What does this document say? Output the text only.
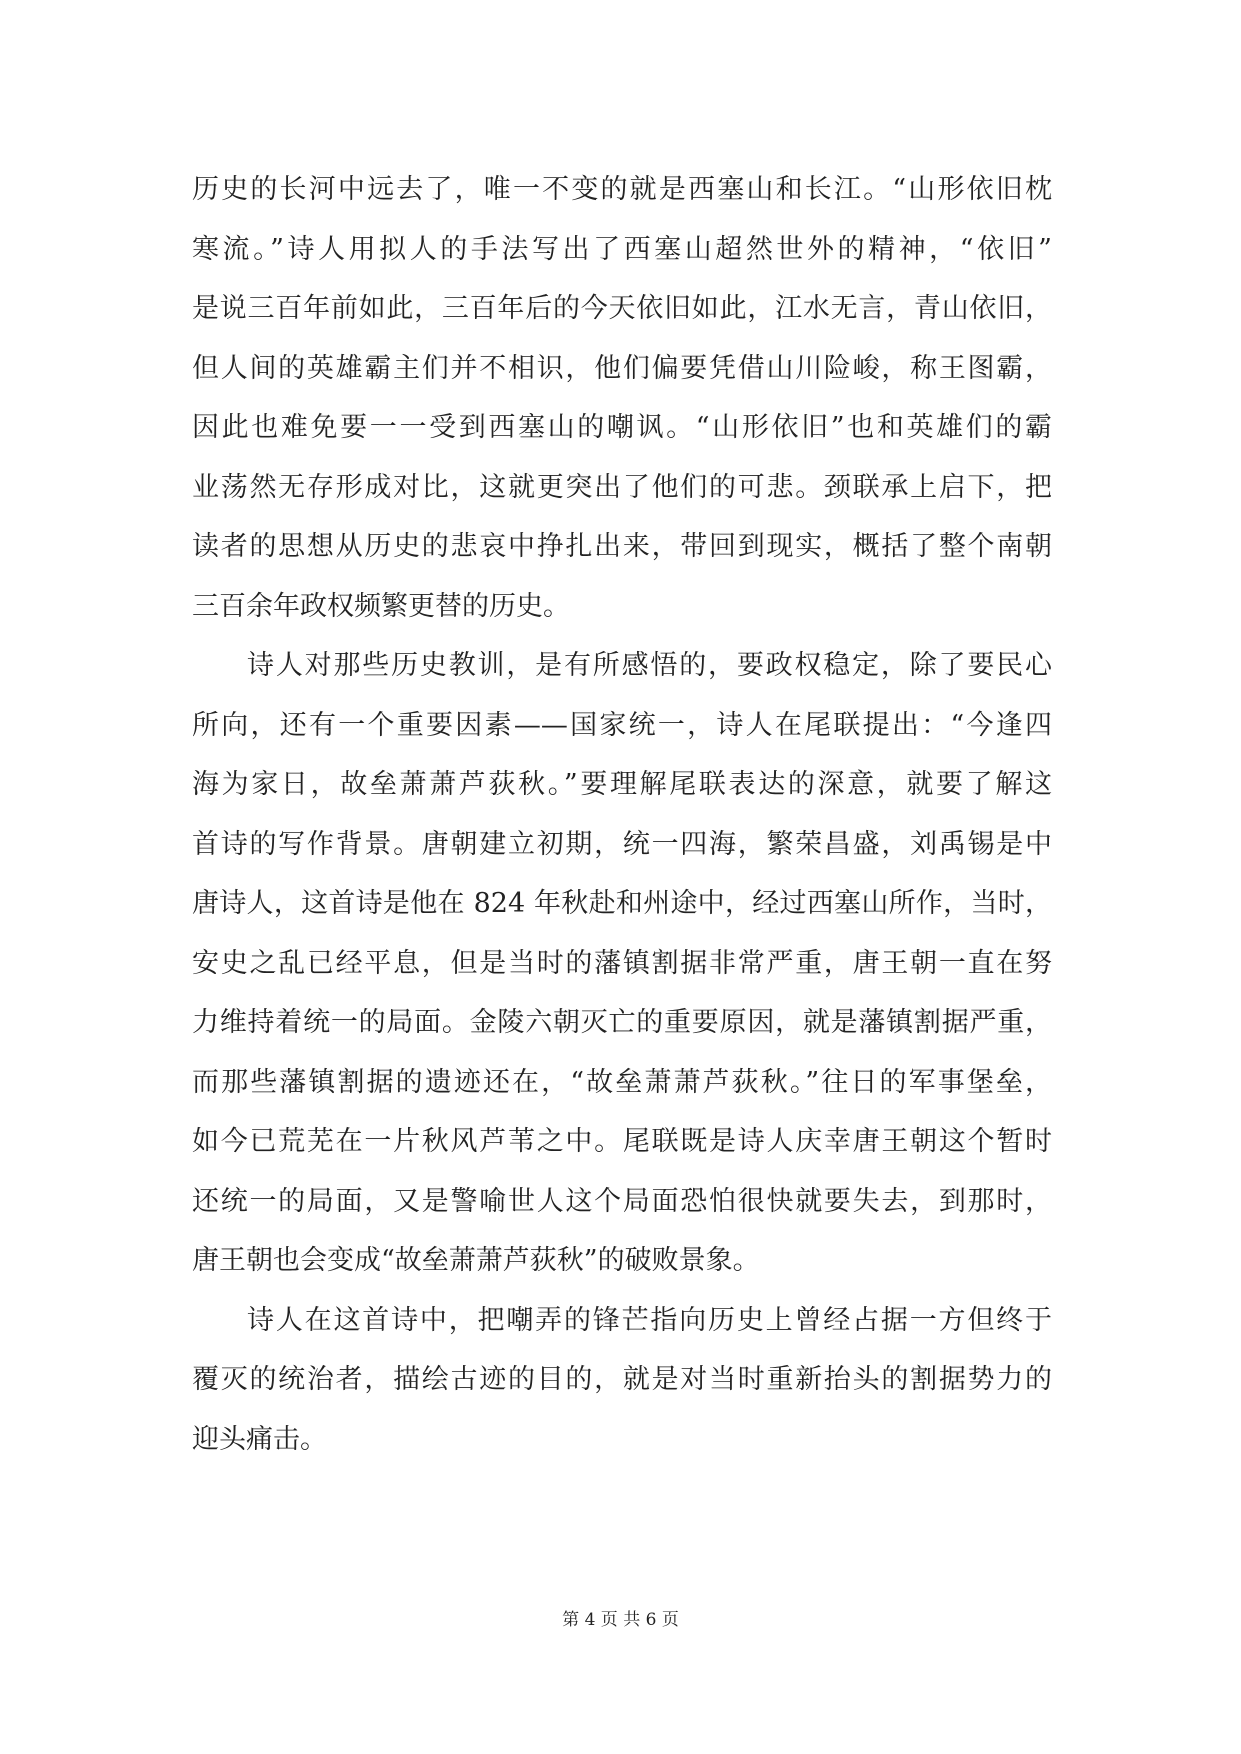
历史的长河中远去了，唯一不变的就是西塞山和长江。“山形依旧枕
寒流。”诗人用拟人的手法写出了西塞山超然世外的精神，“依旧”
是说三百年前如此，三百年后的今天依旧如此，江水无言，青山依旧，
但人间的英雄霸主们并不相识，他们偏要凭借山川险峻，称王图霸，
因此也难免要一一受到西塞山的嘲讽。“山形依旧”也和英雄们的霸
业荡然无存形成对比，这就更突出了他们的可悲。颈联承上启下，把
读者的思想从历史的悲哀中挣扎出来，带回到现实，概括了整个南朝
三百余年政权频繁更替的历史。
诗人对那些历史教训，是有所感悟的，要政权稳定，除了要民心
所向，还有一个重要因素——国家统一，诗人在尾联提出：“今逢四
海为家日，故垒萧萧芦荻秋。”要理解尾联表达的深意，就要了解这
首诗的写作背景。唐朝建立初期，统一四海，繁荣昌盛，刘禹锡是中
唐诗人，这首诗是他在 824 年秋赴和州途中，经过西塞山所作，当时，
安史之乱已经平息，但是当时的藩镇割据非常严重，唐王朝一直在努
力维持着统一的局面。金陵六朝灭亡的重要原因，就是藩镇割据严重，
而那些藩镇割据的遗迹还在，“故垒萧萧芦荻秋。”往日的军事堡垒，
如今已荒芜在一片秋风芦苇之中。尾联既是诗人庆幸唐王朝这个暂时
还统一的局面，又是警喻世人这个局面恐怕很快就要失去，到那时，
唐王朝也会变成“故垒萧萧芦荻秋”的破败景象。
诗人在这首诗中，把嘲弄的锋芒指向历史上曾经占据一方但终于
覆灭的统治者，描绘古迹的目的，就是对当时重新抬头的割据势力的
迎头痛击。
第 4 页 共 6 页
